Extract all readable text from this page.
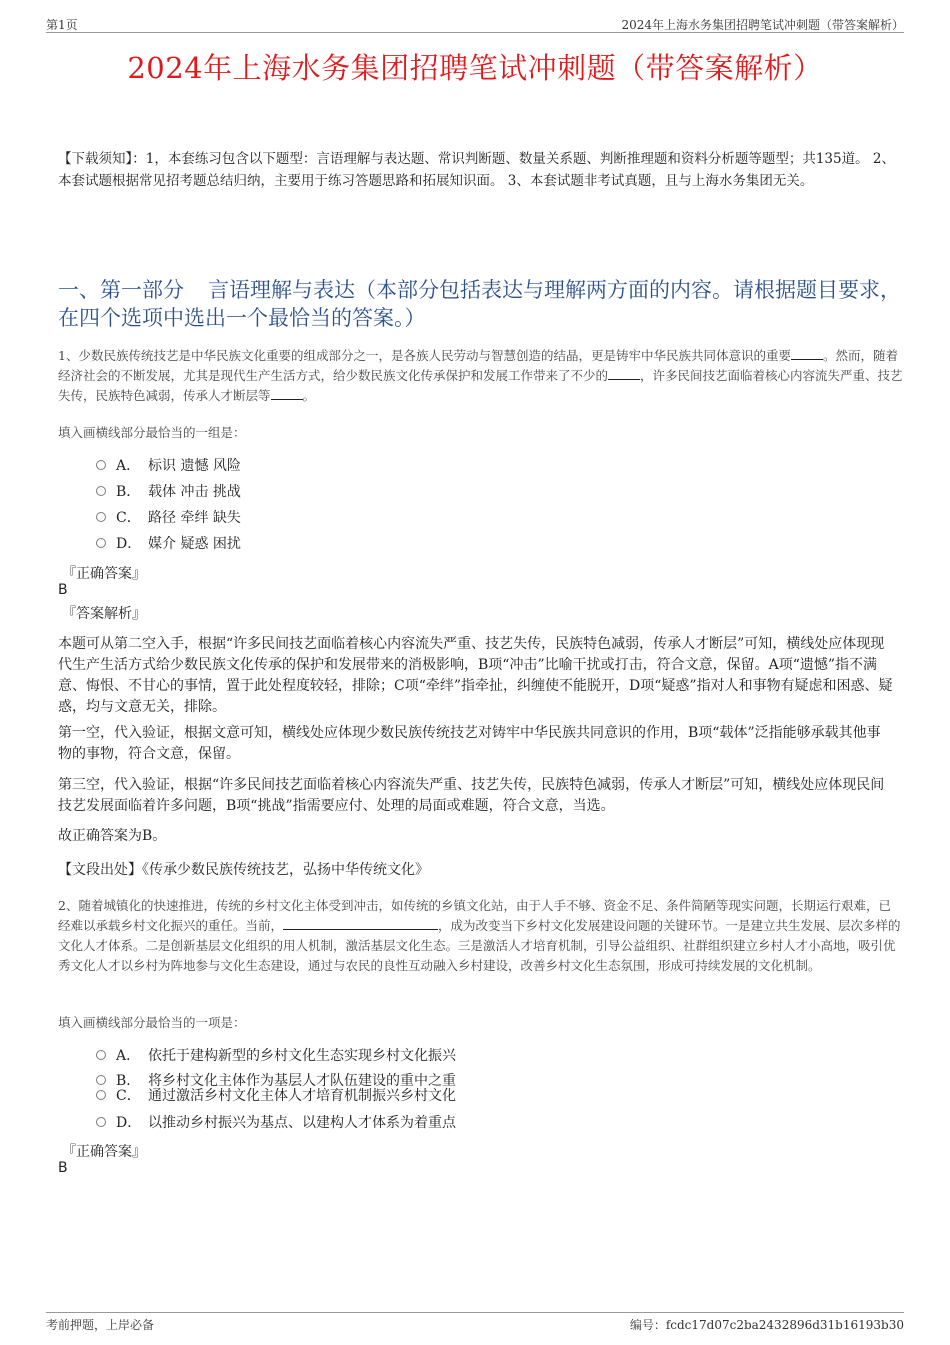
第1页	2024年上海水务集团招聘笔试冲刺题（带答案解析）
2024年上海水务集团招聘笔试冲刺题（带答案解析）
【下载须知】：1，本套练习包含以下题型：言语理解与表达题、常识判断题、数量关系题、判断推理题和资料分析题等题型；共135道。 2、本套试题根据常见招考题总结归纳，主要用于练习答题思路和拓展知识面。 3、本套试题非考试真题，且与上海水务集团无关。
一、第一部分 言语理解与表达（本部分包括表达与理解两方面的内容。请根据题目要求，在四个选项中选出一个最恰当的答案。）
1、少数民族传统技艺是中华民族文化重要的组成部分之一，是各族人民劳动与智慧创造的结晶，更是铸牢中华民族共同体意识的重要	。然而，随着经济社会的不断发展，尤其是现代生产生活方式，给少数民族文化传承保护和发展工作带来了不少的	，许多民间技艺面临着核心内容流失严重、技艺失传，民族特色减弱，传承人才断层等	。
填入画横线部分最恰当的一组是：
A． 标识 遗憾 风险
B． 载体 冲击 挑战
C． 路径 牵绊 缺失
D． 媒介 疑惑 困扰
『正确答案』
B
『答案解析』
本题可从第二空入手，根据“许多民间技艺面临着核心内容流失严重、技艺失传，民族特色减弱，传承人才断层”可知，横线处应体现现代生产生活方式给少数民族文化传承的保护和发展带来的消极影响，B项“冲击”比喻干扰或打击，符合文意，保留。A项“遗憾”指不满意、悔恨、不甘心的事情，置于此处程度较轻，排除；C项“牵绊”指牵扯，纠缠使不能脱开，D项“疑惑”指对人和事物有疑虑和困惑、疑惑，均与文意无关，排除。
第一空，代入验证，根据文意可知，横线处应体现少数民族传统技艺对铸牢中华民族共同意识的作用，B项“载体”泛指能够承载其他事物的事物，符合文意，保留。
第三空，代入验证，根据“许多民间技艺面临着核心内容流失严重、技艺失传，民族特色减弱，传承人才断层”可知，横线处应体现民间技艺发展面临着许多问题，B项“挑战”指需要应付、处理的局面或难题，符合文意，当选。
故正确答案为B。
【文段出处】《传承少数民族传统技艺，弘扬中华传统文化》
2、随着城镇化的快速推进，传统的乡村文化主体受到冲击，如传统的乡镇文化站，由于人手不够、资金不足、条件简陋等现实问题，长期运行艰难，已经难以承载乡村文化振兴的重任。当前，	，成为改变当下乡村文化发展建设问题的关键环节。一是建立共生发展、层次多样的文化人才体系。二是创新基层文化组织的用人机制，激活基层文化生态。三是激活人才培育机制，引导公益组织、社群组织建立乡村人才小高地，吸引优秀文化人才以乡村为阵地参与文化生态建设，通过与农民的良性互动融入乡村建设，改善乡村文化生态氛围，形成可持续发展的文化机制。
填入画横线部分最恰当的一项是：
A． 依托于建构新型的乡村文化生态实现乡村文化振兴
B． 将乡村文化主体作为基层人才队伍建设的重中之重
C． 通过激活乡村文化主体人才培育机制振兴乡村文化
D． 以推动乡村振兴为基点、以建构人才体系为着重点
『正确答案』
B
考前押题，上岸必备	编号：fcdc17d07c2ba2432896d31b16193b30
